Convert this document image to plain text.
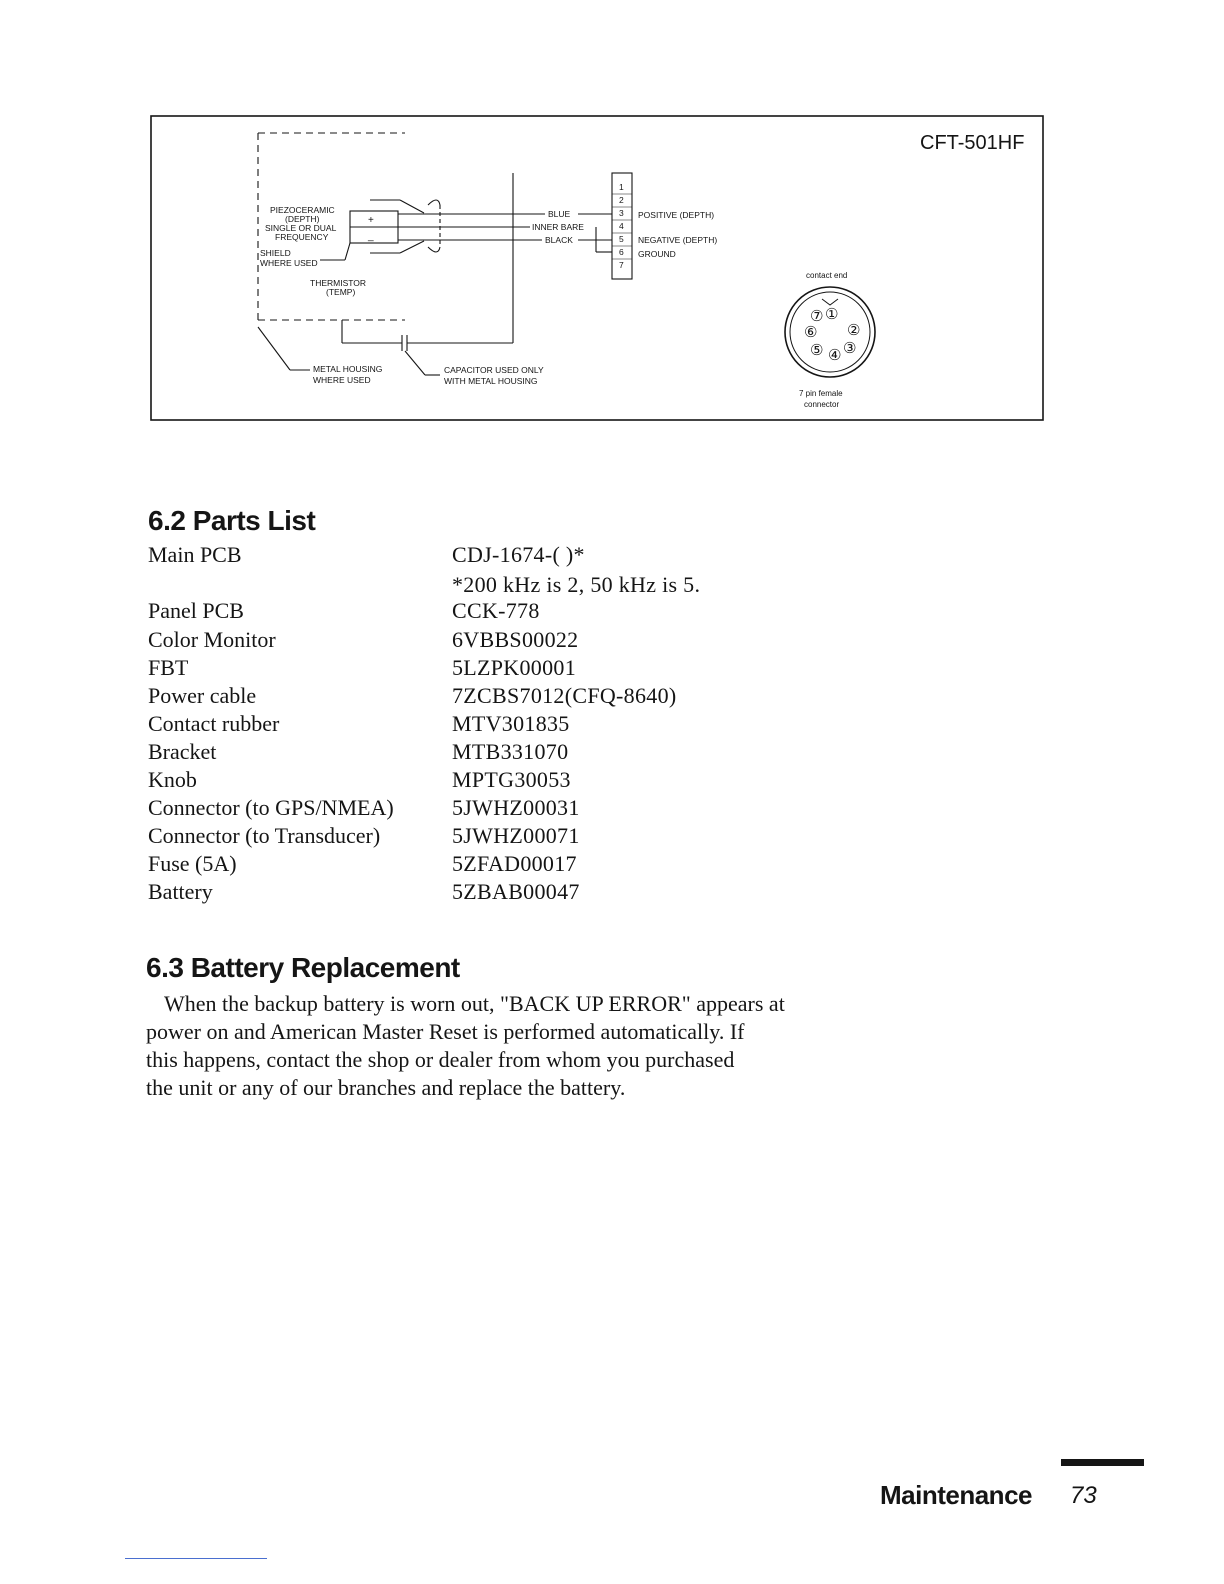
CFT-501HF
+
_
1
2
3
4
5
6
7
PIEZOCERAMIC
(DEPTH)
SINGLE OR DUAL
FREQUENCY
SHIELD
WHERE USED
THERMISTOR
(TEMP)
METAL HOUSING
WHERE USED
CAPACITOR USED ONLY
WITH METAL HOUSING
BLUE
INNER BARE
BLACK
POSITIVE (DEPTH)
NEGATIVE (DEPTH)
GROUND
contact end
7 pin female
connector
⑦ ①
⑥ ②
⑤ ④ ③
6.2 Parts List
Main PCB	CDJ-1674-( )*
*200 kHz is 2, 50 kHz is 5.
Panel PCB	CCK-778
Color Monitor	6VBBS00022
FBT	5LZPK00001
Power cable	7ZCBS7012(CFQ-8640)
Contact rubber	MTV301835
Bracket	MTB331070
Knob	MPTG30053
Connector (to GPS/NMEA)	5JWHZ00031
Connector (to Transducer)	5JWHZ00071
Fuse (5A)	5ZFAD00017
Battery	5ZBAB00047
6.3 Battery Replacement
When the backup battery is worn out, "BACK UP ERROR" appears at
power on and American Master Reset is performed automatically. If
this happens, contact the shop or dealer from whom you purchased
the unit or any of our branches and replace the battery.
Maintenance 73
